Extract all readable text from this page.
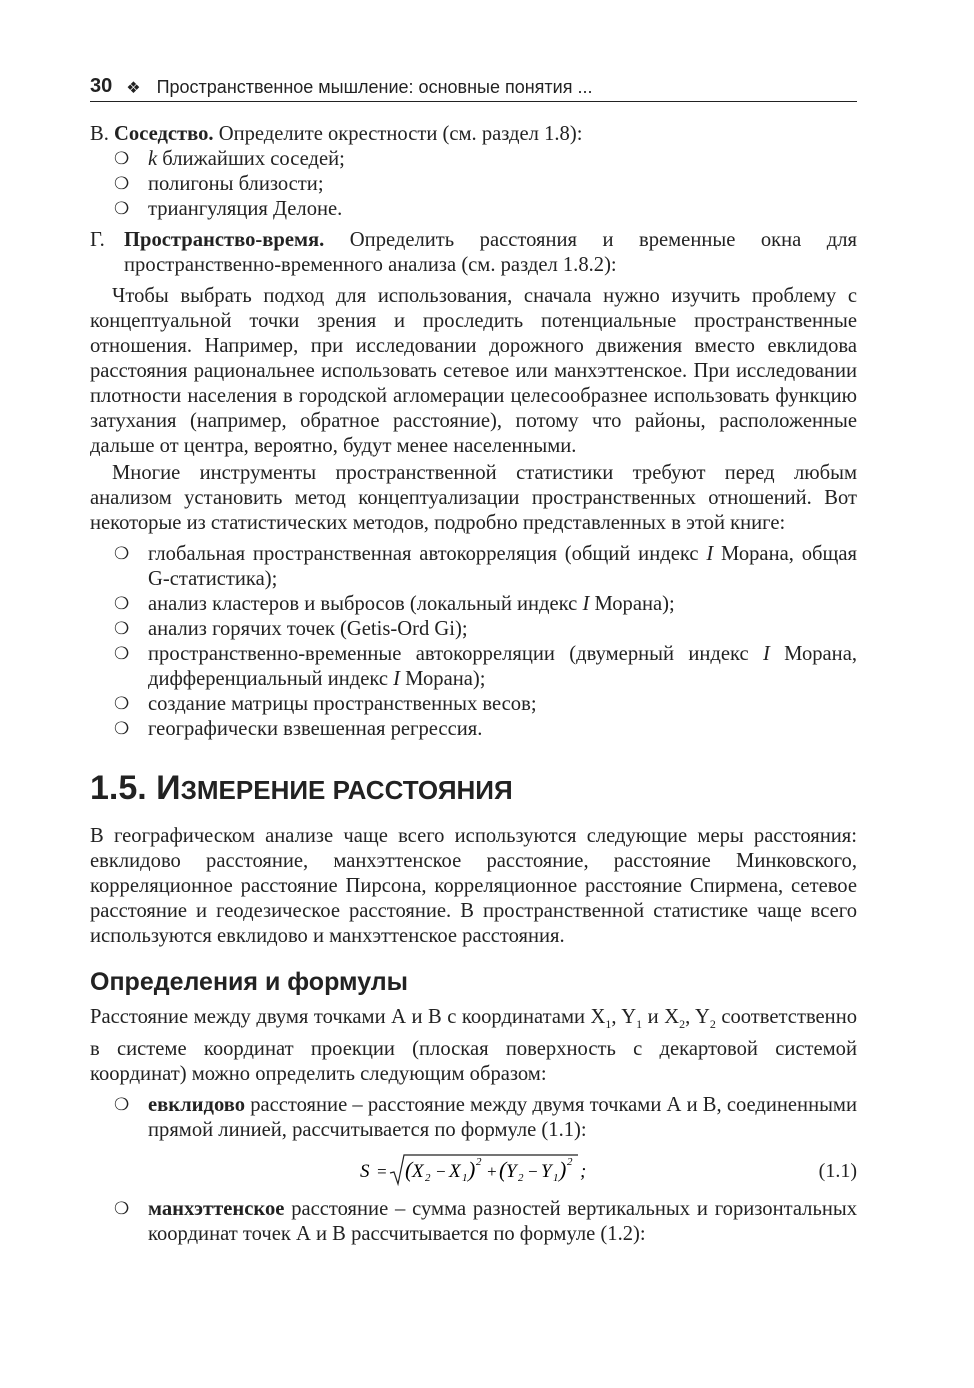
30 ❖ Пространственное мышление: основные понятия ...

В. Соседство. Определите окрестности (см. раздел 1.8):

❍ k ближайших соседей;
❍ полигоны близости;
❍ триангуляция Делоне.
Г. Пространство-время. Определить расстояния и временные окна для пространственно-временного анализа (см. раздел 1.8.2):

Чтобы выбрать подход для использования, сначала нужно изучить проблему с концептуальной точки зрения и проследить потенциальные пространственные отношения. Например, при исследовании дорожного движения вместо евклидова расстояния рациональнее использовать сетевое или манхэттенское. При исследовании плотности населения в городской агломерации целесообразнее использовать функцию затухания (например, обратное расстояние), потому что районы, расположенные дальше от центра, вероятно, будут менее населенными.

Многие инструменты пространственной статистики требуют перед любым анализом установить метод концептуализации пространственных отношений. Вот некоторые из статистических методов, подробно представленных в этой книге:

❍ глобальная пространственная автокорреляция (общий индекс I Морана, общая G-статистика);
❍ анализ кластеров и выбросов (локальный индекс I Морана);
❍ анализ горячих точек (Getis-Ord Gi);
❍ пространственно-временные автокорреляции (двумерный индекс I Морана, дифференциальный индекс I Морана);
❍ создание матрицы пространственных весов;
❍ географически взвешенная регрессия.
1.5. ИЗМЕРЕНИЕ РАССТОЯНИЯ

В географическом анализе чаще всего используются следующие меры расстояния: евклидово расстояние, манхэттенское расстояние, расстояние Минковского, корреляционное расстояние Пирсона, корреляционное расстояние Спирмена, сетевое расстояние и геодезическое расстояние. В пространственной статистике чаще всего используются евклидово и манхэттенское расстояния.

Определения и формулы

Расстояние между двумя точками А и В с координатами $X_1$, $Y_1$ и $X_2$, $Y_2$ соответственно в системе координат проекции (плоская поверхность с декартовой системой координат) можно определить следующим образом:

❍ евклидово расстояние – расстояние между двумя точками А и В, соединенными прямой линией, рассчитывается по формуле (1.1):
S = ( X 2 − X 1 ) 2 + ( Y 2 − Y 1 ) 2 ;	(1.1)
❍ манхэттенское расстояние – сумма разностей вертикальных и горизонтальных координат точек А и В рассчитывается по формуле (1.2):
